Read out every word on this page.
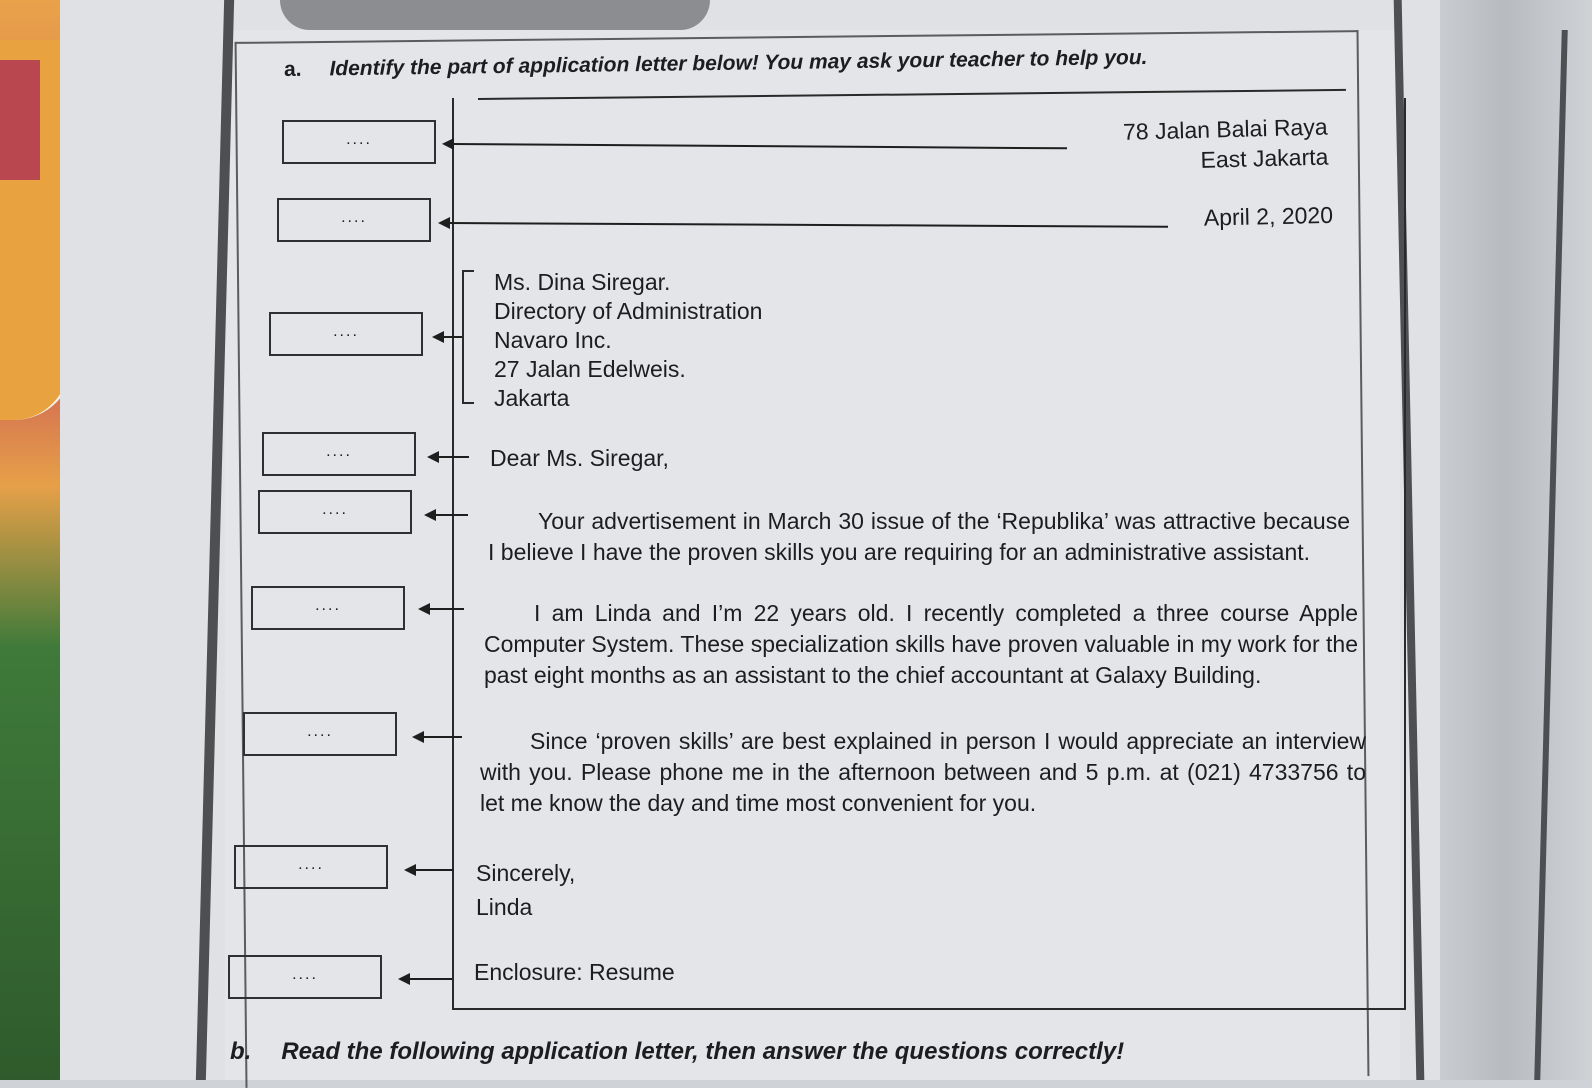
a. Identify the part of application letter below! You may ask your teacher to help you.
78 Jalan Balai Raya
East Jakarta
April 2, 2020
....
....
....
Ms. Dina Siregar.
Directory of Administration
Navaro Inc.
27 Jalan Edelweis.
Jakarta
....	Dear Ms. Siregar,
....	Your advertisement in March 30 issue of the ‘Republika’ was attractive because I believe I have the proven skills you are requiring for an administrative assistant.

....	I am Linda and I’m 22 years old. I recently completed a three course Apple Computer System. These specialization skills have proven valuable in my work for the past eight months as an assistant to the chief accountant at Galaxy Building.

....	Since ‘proven skills’ are best explained in person I would appreciate an interview with you. Please phone me in the afternoon between and 5 p.m. at (021) 4733756 to let me know the day and time most convenient for you.

....	Sincerely,
Linda
....	Enclosure: Resume
b. Read the following application letter, then answer the questions correctly!
